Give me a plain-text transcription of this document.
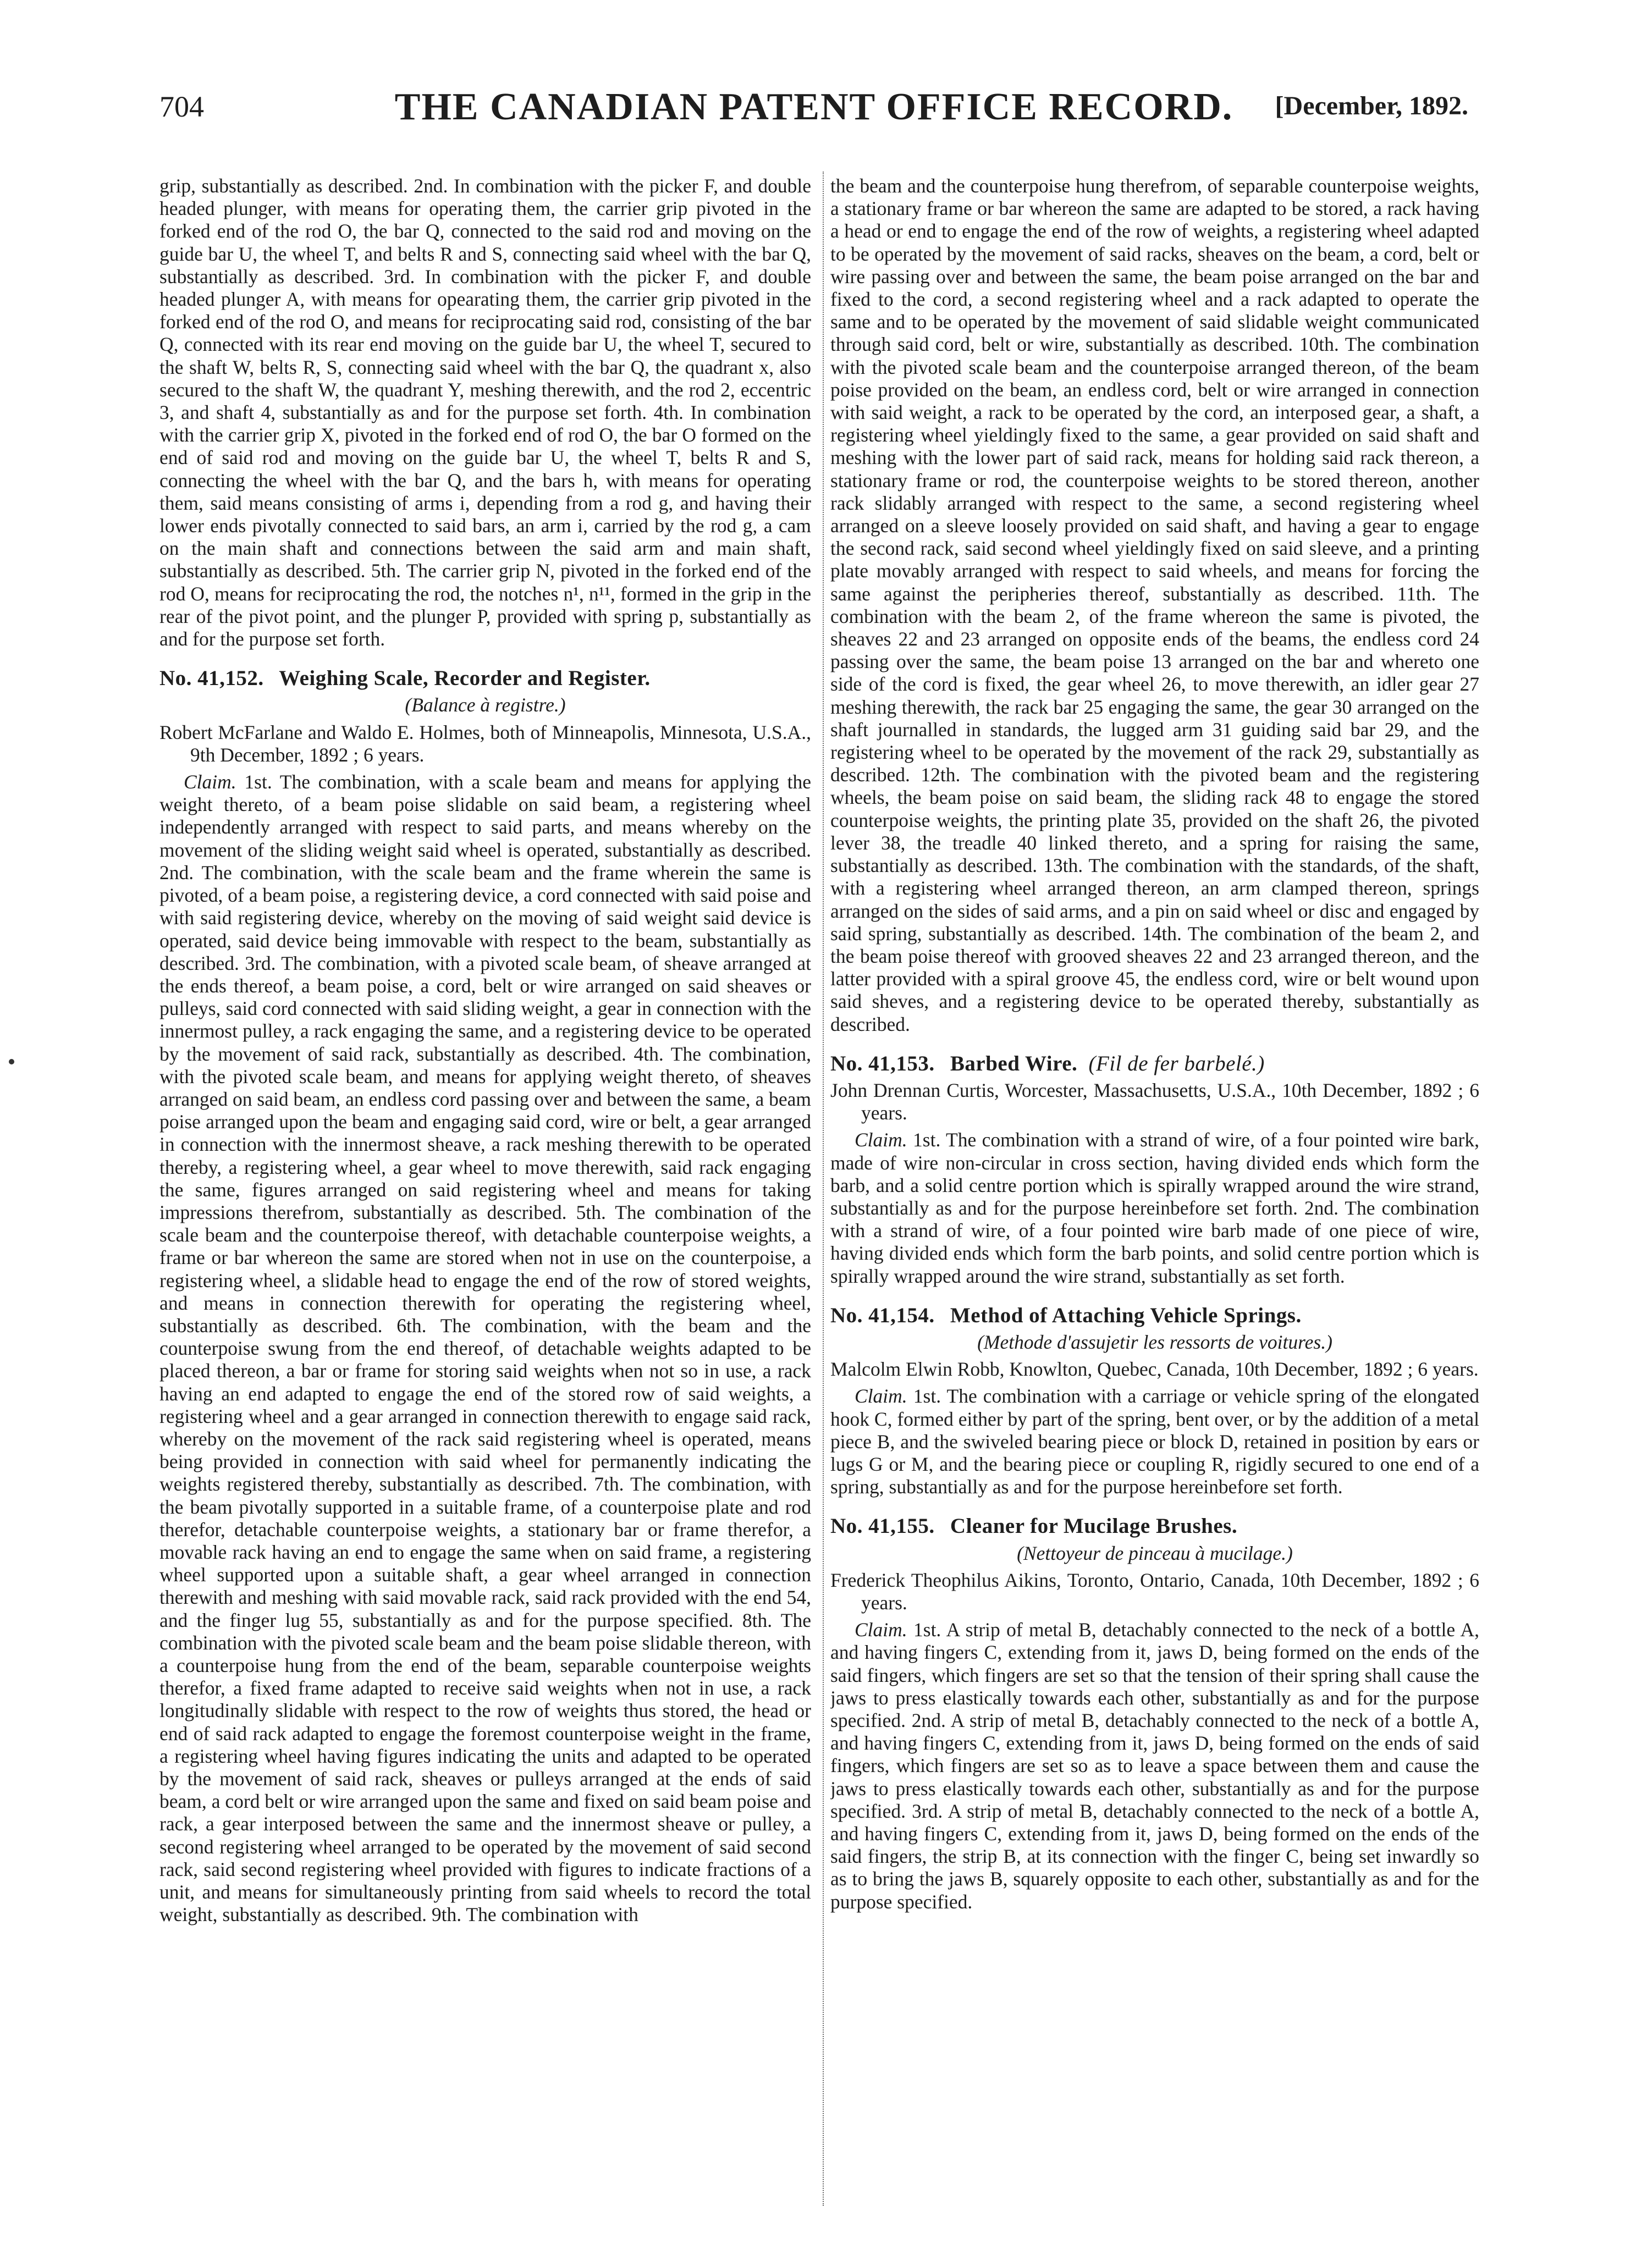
704	THE CANADIAN PATENT OFFICE RECORD.	[December, 1892.

grip, substantially as described. 2nd. In combination with the picker F, and double headed plunger, with means for operating them, the carrier grip pivoted in the forked end of the rod O, the bar Q, connected to the said rod and moving on the guide bar U, the wheel T, and belts R and S, connecting said wheel with the bar Q, substantially as described. 3rd. In combination with the picker F, and double headed plunger A, with means for opearating them, the carrier grip pivoted in the forked end of the rod O, and means for reciprocating said rod, consisting of the bar Q, connected with its rear end moving on the guide bar U, the wheel T, secured to the shaft W, belts R, S, connecting said wheel with the bar Q, the quadrant x, also secured to the shaft W, the quadrant Y, meshing therewith, and the rod 2, eccentric 3, and shaft 4, substantially as and for the purpose set forth. 4th. In combination with the carrier grip X, pivoted in the forked end of rod O, the bar O formed on the end of said rod and moving on the guide bar U, the wheel T, belts R and S, connecting the wheel with the bar Q, and the bars h, with means for operating them, said means consisting of arms i, depending from a rod g, and having their lower ends pivotally connected to said bars, an arm i, carried by the rod g, a cam on the main shaft and connections between the said arm and main shaft, substantially as described. 5th. The carrier grip N, pivoted in the forked end of the rod O, means for reciprocating the rod, the notches n¹, n¹¹, formed in the grip in the rear of the pivot point, and the plunger P, provided with spring p, substantially as and for the purpose set forth.

No. 41,152. Weighing Scale, Recorder and Register.
(Balance à registre.)
Robert McFarlane and Waldo E. Holmes, both of Minneapolis, Minnesota, U.S.A., 9th December, 1892 ; 6 years.

Claim. 1st. The combination, with a scale beam and means for applying the weight thereto, of a beam poise slidable on said beam, a registering wheel independently arranged with respect to said parts, and means whereby on the movement of the sliding weight said wheel is operated, substantially as described. 2nd. The combination, with the scale beam and the frame wherein the same is pivoted, of a beam poise, a registering device, a cord connected with said poise and with said registering device, whereby on the moving of said weight said device is operated, said device being immovable with respect to the beam, substantially as described. 3rd. The combination, with a pivoted scale beam, of sheave arranged at the ends thereof, a beam poise, a cord, belt or wire arranged on said sheaves or pulleys, said cord connected with said sliding weight, a gear in connection with the innermost pulley, a rack engaging the same, and a registering device to be operated by the movement of said rack, substantially as described. 4th. The combination, with the pivoted scale beam, and means for applying weight thereto, of sheaves arranged on said beam, an endless cord passing over and between the same, a beam poise arranged upon the beam and engaging said cord, wire or belt, a gear arranged in connection with the innermost sheave, a rack meshing therewith to be operated thereby, a registering wheel, a gear wheel to move therewith, said rack engaging the same, figures arranged on said registering wheel and means for taking impressions therefrom, substantially as described. 5th. The combination of the scale beam and the counterpoise thereof, with detachable counterpoise weights, a frame or bar whereon the same are stored when not in use on the counterpoise, a registering wheel, a slidable head to engage the end of the row of stored weights, and means in connection therewith for operating the registering wheel, substantially as described. 6th. The combination, with the beam and the counterpoise swung from the end thereof, of detachable weights adapted to be placed thereon, a bar or frame for storing said weights when not so in use, a rack having an end adapted to engage the end of the stored row of said weights, a registering wheel and a gear arranged in connection therewith to engage said rack, whereby on the movement of the rack said registering wheel is operated, means being provided in connection with said wheel for permanently indicating the weights registered thereby, substantially as described. 7th. The combination, with the beam pivotally supported in a suitable frame, of a counterpoise plate and rod therefor, detachable counterpoise weights, a stationary bar or frame therefor, a movable rack having an end to engage the same when on said frame, a registering wheel supported upon a suitable shaft, a gear wheel arranged in connection therewith and meshing with said movable rack, said rack provided with the end 54, and the finger lug 55, substantially as and for the purpose specified. 8th. The combination with the pivoted scale beam and the beam poise slidable thereon, with a counterpoise hung from the end of the beam, separable counterpoise weights therefor, a fixed frame adapted to receive said weights when not in use, a rack longitudinally slidable with respect to the row of weights thus stored, the head or end of said rack adapted to engage the foremost counterpoise weight in the frame, a registering wheel having figures indicating the units and adapted to be operated by the movement of said rack, sheaves or pulleys arranged at the ends of said beam, a cord belt or wire arranged upon the same and fixed on said beam poise and rack, a gear interposed between the same and the innermost sheave or pulley, a second registering wheel arranged to be operated by the movement of said second rack, said second registering wheel provided with figures to indicate fractions of a unit, and means for simultaneously printing from said wheels to record the total weight, substantially as described. 9th. The combination with

the beam and the counterpoise hung therefrom, of separable counterpoise weights, a stationary frame or bar whereon the same are adapted to be stored, a rack having a head or end to engage the end of the row of weights, a registering wheel adapted to be operated by the movement of said racks, sheaves on the beam, a cord, belt or wire passing over and between the same, the beam poise arranged on the bar and fixed to the cord, a second registering wheel and a rack adapted to operate the same and to be operated by the movement of said slidable weight communicated through said cord, belt or wire, substantially as described. 10th. The combination with the pivoted scale beam and the counterpoise arranged thereon, of the beam poise provided on the beam, an endless cord, belt or wire arranged in connection with said weight, a rack to be operated by the cord, an interposed gear, a shaft, a registering wheel yieldingly fixed to the same, a gear provided on said shaft and meshing with the lower part of said rack, means for holding said rack thereon, a stationary frame or rod, the counterpoise weights to be stored thereon, another rack slidably arranged with respect to the same, a second registering wheel arranged on a sleeve loosely provided on said shaft, and having a gear to engage the second rack, said second wheel yieldingly fixed on said sleeve, and a printing plate movably arranged with respect to said wheels, and means for forcing the same against the peripheries thereof, substantially as described. 11th. The combination with the beam 2, of the frame whereon the same is pivoted, the sheaves 22 and 23 arranged on opposite ends of the beams, the endless cord 24 passing over the same, the beam poise 13 arranged on the bar and whereto one side of the cord is fixed, the gear wheel 26, to move therewith, an idler gear 27 meshing therewith, the rack bar 25 engaging the same, the gear 30 arranged on the shaft journalled in standards, the lugged arm 31 guiding said bar 29, and the registering wheel to be operated by the movement of the rack 29, substantially as described. 12th. The combination with the pivoted beam and the registering wheels, the beam poise on said beam, the sliding rack 48 to engage the stored counterpoise weights, the printing plate 35, provided on the shaft 26, the pivoted lever 38, the treadle 40 linked thereto, and a spring for raising the same, substantially as described. 13th. The combination with the standards, of the shaft, with a registering wheel arranged thereon, an arm clamped thereon, springs arranged on the sides of said arms, and a pin on said wheel or disc and engaged by said spring, substantially as described. 14th. The combination of the beam 2, and the beam poise thereof with grooved sheaves 22 and 23 arranged thereon, and the latter provided with a spiral groove 45, the endless cord, wire or belt wound upon said sheves, and a registering device to be operated thereby, substantially as described.

No. 41,153. Barbed Wire. (Fil de fer barbelé.)
John Drennan Curtis, Worcester, Massachusetts, U.S.A., 10th December, 1892 ; 6 years.

Claim. 1st. The combination with a strand of wire, of a four pointed wire bark, made of wire non-circular in cross section, having divided ends which form the barb, and a solid centre portion which is spirally wrapped around the wire strand, substantially as and for the purpose hereinbefore set forth. 2nd. The combination with a strand of wire, of a four pointed wire barb made of one piece of wire, having divided ends which form the barb points, and solid centre portion which is spirally wrapped around the wire strand, substantially as set forth.

No. 41,154. Method of Attaching Vehicle Springs.
(Methode d'assujetir les ressorts de voitures.)
Malcolm Elwin Robb, Knowlton, Quebec, Canada, 10th December, 1892 ; 6 years.

Claim. 1st. The combination with a carriage or vehicle spring of the elongated hook C, formed either by part of the spring, bent over, or by the addition of a metal piece B, and the swiveled bearing piece or block D, retained in position by ears or lugs G or M, and the bearing piece or coupling R, rigidly secured to one end of a spring, substantially as and for the purpose hereinbefore set forth.

No. 41,155. Cleaner for Mucilage Brushes.
(Nettoyeur de pinceau à mucilage.)
Frederick Theophilus Aikins, Toronto, Ontario, Canada, 10th December, 1892 ; 6 years.

Claim. 1st. A strip of metal B, detachably connected to the neck of a bottle A, and having fingers C, extending from it, jaws D, being formed on the ends of the said fingers, which fingers are set so that the tension of their spring shall cause the jaws to press elastically towards each other, substantially as and for the purpose specified. 2nd. A strip of metal B, detachably connected to the neck of a bottle A, and having fingers C, extending from it, jaws D, being formed on the ends of said fingers, which fingers are set so as to leave a space between them and cause the jaws to press elastically towards each other, substantially as and for the purpose specified. 3rd. A strip of metal B, detachably connected to the neck of a bottle A, and having fingers C, extending from it, jaws D, being formed on the ends of the said fingers, the strip B, at its connection with the finger C, being set inwardly so as to bring the jaws B, squarely opposite to each other, substantially as and for the purpose specified.
